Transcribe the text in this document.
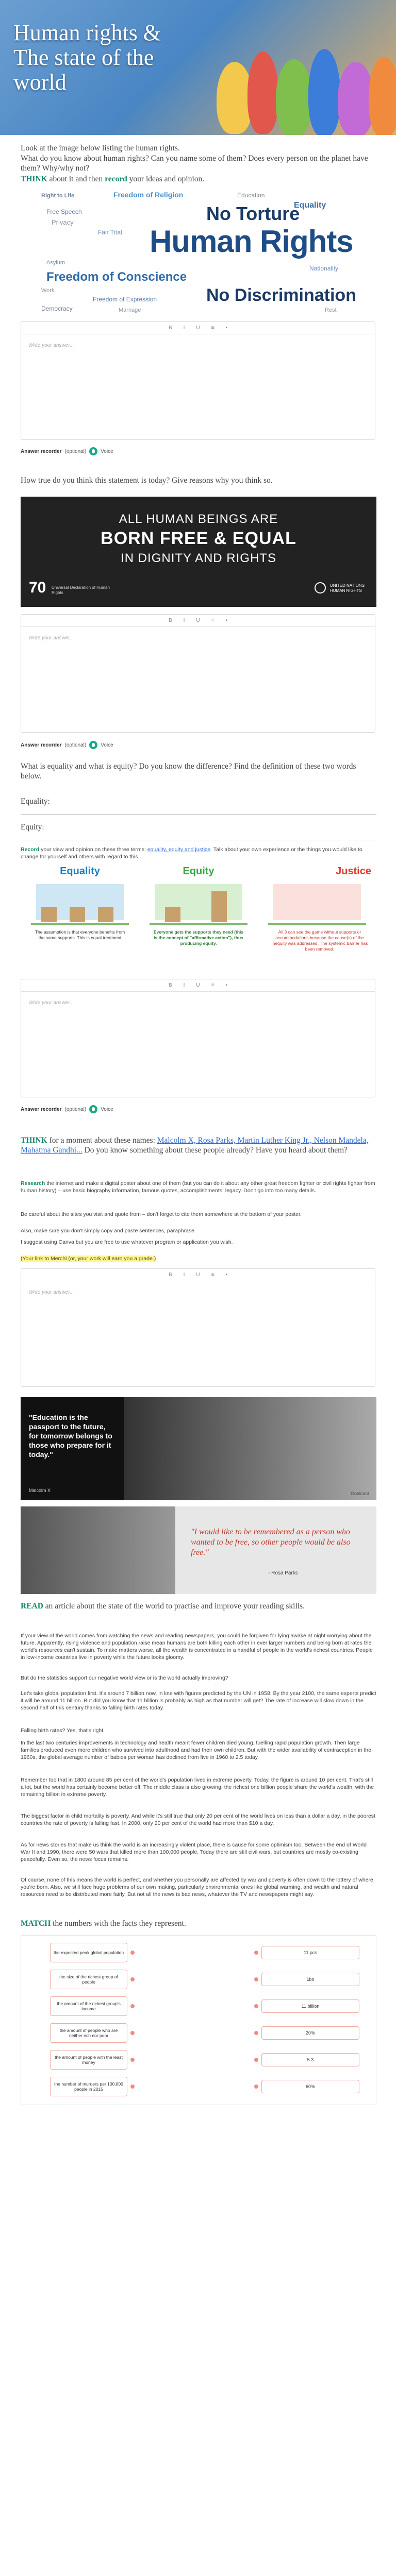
Human rights & The state of the world
Look at the image below listing the human rights.
What do you know about human rights? Can you name some of them? Does every person on the planet have them? Why/why not?
THINK about it and then record your ideas and opinion.
Right to Life	Freedom of Religion	Education
Equality
No Torture
Free Speech
Privacy
Fair Trial Human Rights
Asylum
Freedom of Conscience
Nationality
Work	No Discrimination
Freedom of Expression
Democracy	Marriage	Rest
B I U ≡ •
Write your answer...
Answer recorder (optional)	Voice
How true do you think this statement is today? Give reasons why you think so.
ALL HUMAN BEINGS ARE
BORN FREE & EQUAL
IN DIGNITY AND RIGHTS
70 Universal Declaration of Human Rights
UNITED NATIONS HUMAN RIGHTS
B I U ≡ •
Write your answer...
Answer recorder (optional)	Voice
What is equality and what is equity? Do you know the difference? Find the definition of these two words below.
Equality:
Equity:
Record your view and opinion on these three terms: equality, equity and justice. Talk about your own experience or the things you would like to change for yourself and others with regard to this.
Equality
The assumption is that everyone benefits from the same supports. This is equal treatment
Equity
Everyone gets the supports they need (this is the concept of "affirmative action"), thus producing equity.
Justice
All 3 can see the game without supports or accommodations because the cause(s) of the inequity was addressed. The systemic barrier has been removed.
B I U ≡ •
Write your answer...
Answer recorder (optional)	Voice
THINK for a moment about these names: Malcolm X, Rosa Parks, Martin Luther King Jr., Nelson Mandela, Mahatma Gandhi... Do you know something about these people already? Have you heard about them?
Research the internet and make a digital poster about one of them (but you can do it about any other great freedom fighter or civil rights fighter from human history) – use basic biography information, famous quotes, accomplishments, legacy. Don't go into too many details.
Be careful about the sites you visit and quote from – don't forget to cite them somewhere at the bottom of your poster.
Also, make sure you don't simply copy and paste sentences, paraphrase.
I suggest using Canva but you are free to use whatever program or application you wish.
(Your link to Merchi (or, your work will earn you a grade.)
B I U ≡ •
Write your answer...
"Education is the passport to the future, for tomorrow belongs to those who prepare for it today."
Malcolm X
Goalcast
"I would like to be remembered as a person who wanted to be free, so other people would be also free."
- Rosa Parks
READ an article about the state of the world to practise and improve your reading skills.
If your view of the world comes from watching the news and reading newspapers, you could be forgiven for lying awake at night worrying about the future. Apparently, rising violence and population raise mean humans are both killing each other in ever larger numbers and being born at rates the world's resources can't sustain. To make matters worse, all the wealth is concentrated in a handful of people in the world's richest countries. People in low-income countries live in poverty while the future looks gloomy.
But do the statistics support our negative world view or is the world actually improving?
Let's take global population first. It's around 7 billion now, in line with figures predicted by the UN in 1958. By the year 2100, the same experts predict it will be around 11 billion. But did you know that 11 billion is probably as high as that number will get? The rate of increase will slow down in the second half of this century thanks to falling birth rates today.
Falling birth rates? Yes, that's right.
In the last two centuries improvements in technology and health meant fewer children died young, fuelling rapid population growth. Then large families produced even more children who survived into adulthood and had their own children. But with the wider availability of contraception in the 1960s, the global average number of babies per woman has declined from five in 1960 to 2.5 today.
Remember too that in 1800 around 85 per cent of the world's population lived in extreme poverty. Today, the figure is around 10 per cent. That's still a lot, but the world has certainly become better off. The middle class is also growing; the richest one billion people share the world's wealth, with the remaining billion in extreme poverty.
The biggest factor in child mortality is poverty. And while it's still true that only 20 per cent of the world lives on less than a dollar a day, in the poorest countries the rate of poverty is falling fast. In 2000, only 20 per cent of the world had more than $10 a day.
As for news stories that make us think the world is an increasingly violent place, there is cause for some optimism too. Between the end of World War II and 1990, there were 50 wars that killed more than 100,000 people. Today there are still civil wars, but countries are mostly co-existing peacefully. Even so, the news focus remains.
Of course, none of this means the world is perfect, and whether you personally are affected by war and poverty is often down to the lottery of where you're born. Also, we still face huge problems of our own making, particularly environmental ones like global warming, and wealth and natural resources need to be distributed more fairly. But not all the news is bad news, whatever the TV and newspapers might say.
MATCH the numbers with the facts they represent.
the expected peak global population	11 pcs
the size of the richest group of people	1bn
the amount of the richest group's income	11 billion
the amount of people who are neither rich nor poor	20%
the amount of people with the least money	5.3
the number of murders per 100,000 people in 2015	60%
